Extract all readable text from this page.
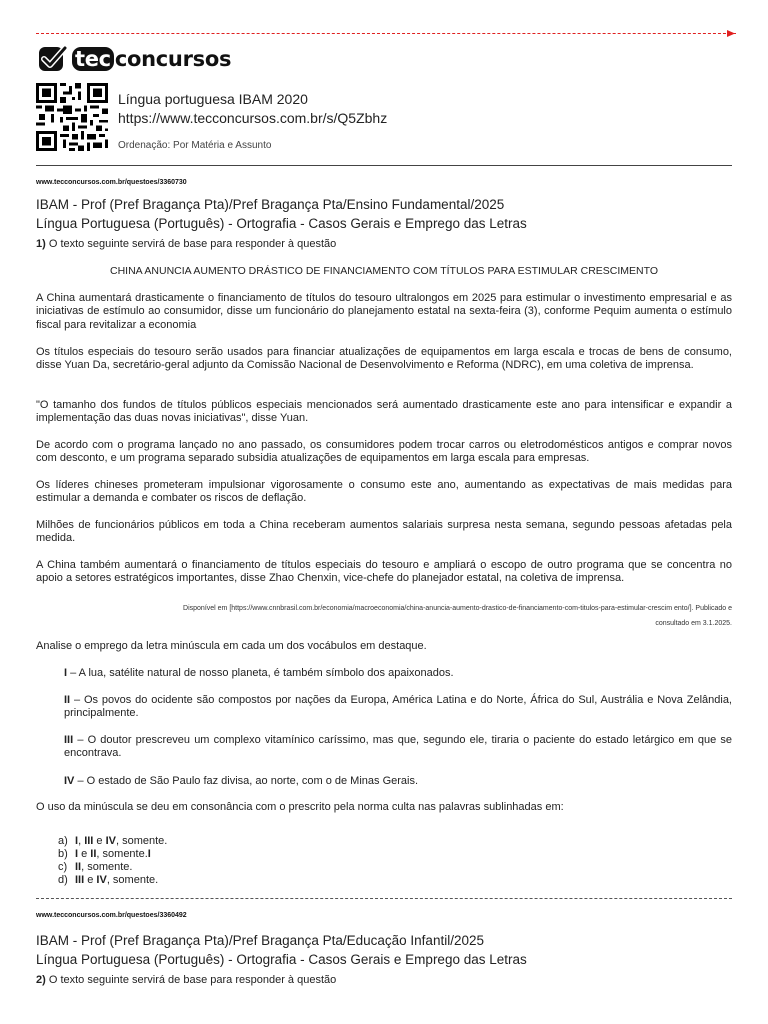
tec concursos
Língua portuguesa IBAM 2020
https://www.tecconcursos.com.br/s/Q5Zbhz
Ordenação: Por Matéria e Assunto
www.tecconcursos.com.br/questoes/3360730
IBAM - Prof (Pref Bragança Pta)/Pref Bragança Pta/Ensino Fundamental/2025
Língua Portuguesa (Português) - Ortografia - Casos Gerais e Emprego das Letras
1) O texto seguinte servirá de base para responder à questão
CHINA ANUNCIA AUMENTO DRÁSTICO DE FINANCIAMENTO COM TÍTULOS PARA ESTIMULAR CRESCIMENTO
A China aumentará drasticamente o financiamento de títulos do tesouro ultralongos em 2025 para estimular o investimento empresarial e as iniciativas de estímulo ao consumidor, disse um funcionário do planejamento estatal na sexta-feira (3), conforme Pequim aumenta o estímulo fiscal para revitalizar a economia
Os títulos especiais do tesouro serão usados para financiar atualizações de equipamentos em larga escala e trocas de bens de consumo, disse Yuan Da, secretário-geral adjunto da Comissão Nacional de Desenvolvimento e Reforma (NDRC), em uma coletiva de imprensa.
"O tamanho dos fundos de títulos públicos especiais mencionados será aumentado drasticamente este ano para intensificar e expandir a implementação das duas novas iniciativas", disse Yuan.
De acordo com o programa lançado no ano passado, os consumidores podem trocar carros ou eletrodomésticos antigos e comprar novos com desconto, e um programa separado subsidia atualizações de equipamentos em larga escala para empresas.
Os líderes chineses prometeram impulsionar vigorosamente o consumo este ano, aumentando as expectativas de mais medidas para estimular a demanda e combater os riscos de deflação.
Milhões de funcionários públicos em toda a China receberam aumentos salariais surpresa nesta semana, segundo pessoas afetadas pela medida.
A China também aumentará o financiamento de títulos especiais do tesouro e ampliará o escopo de outro programa que se concentra no apoio a setores estratégicos importantes, disse Zhao Chenxin, vice-chefe do planejador estatal, na coletiva de imprensa.
Disponível em [https://www.cnnbrasil.com.br/economia/macroeconomia/china-anuncia-aumento-drastico-de-financiamento-com-titulos-para-estimular-crescim ento/]. Publicado e
consultado em 3.1.2025.
Analise o emprego da letra minúscula em cada um dos vocábulos em destaque.
I – A lua, satélite natural de nosso planeta, é também símbolo dos apaixonados.
II – Os povos do ocidente são compostos por nações da Europa, América Latina e do Norte, África do Sul, Austrália e Nova Zelândia, principalmente.
III – O doutor prescreveu um complexo vitamínico caríssimo, mas que, segundo ele, tiraria o paciente do estado letárgico em que se encontrava.
IV – O estado de São Paulo faz divisa, ao norte, com o de Minas Gerais.
O uso da minúscula se deu em consonância com o prescrito pela norma culta nas palavras sublinhadas em:
a) I, III e IV, somente.
b) I e II, somente.I
c) II, somente.
d) III e IV, somente.
www.tecconcursos.com.br/questoes/3360492
IBAM - Prof (Pref Bragança Pta)/Pref Bragança Pta/Educação Infantil/2025
Língua Portuguesa (Português) - Ortografia - Casos Gerais e Emprego das Letras
2) O texto seguinte servirá de base para responder à questão
